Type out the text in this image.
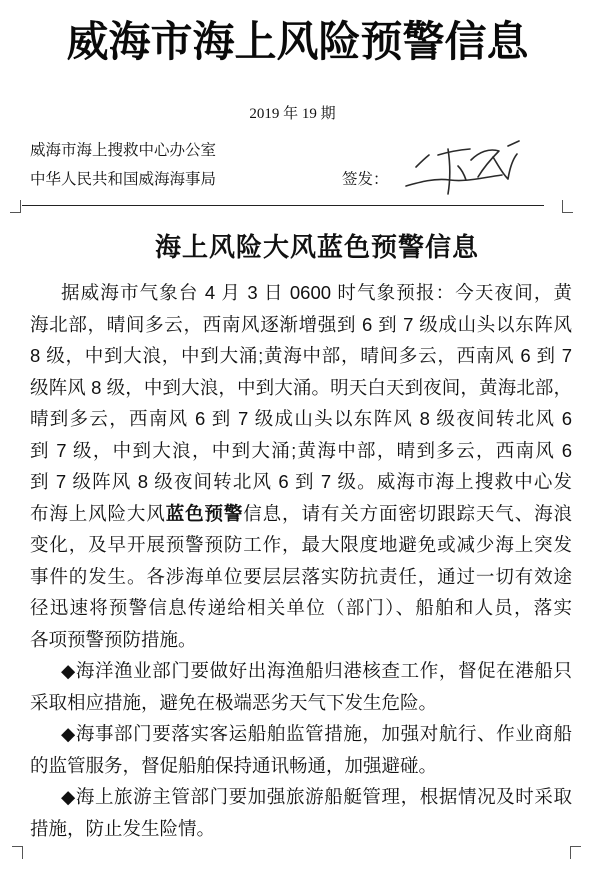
威海市海上风险预警信息
2019 年 19 期
威海市海上搜救中心办公室
中华人民共和国威海海事局	签发：
海上风险大风蓝色预警信息
据威海市气象台 4 月 3 日 0600 时气象预报：今天夜间，黄
海北部，晴间多云，西南风逐渐增强到 6 到 7 级成山头以东阵风
8 级，中到大浪，中到大涌;黄海中部，晴间多云，西南风 6 到 7
级阵风 8 级，中到大浪，中到大涌。明天白天到夜间，黄海北部，
晴到多云，西南风 6 到 7 级成山头以东阵风 8 级夜间转北风 6
到 7 级，中到大浪，中到大涌;黄海中部，晴到多云，西南风 6
到 7 级阵风 8 级夜间转北风 6 到 7 级。威海市海上搜救中心发
布海上风险大风蓝色预警信息，请有关方面密切跟踪天气、海浪
变化，及早开展预警预防工作，最大限度地避免或减少海上突发
事件的发生。各涉海单位要层层落实防抗责任，通过一切有效途
径迅速将预警信息传递给相关单位（部门）、船舶和人员，落实
各项预警预防措施。
◆海洋渔业部门要做好出海渔船归港核查工作，督促在港船只
采取相应措施，避免在极端恶劣天气下发生危险。
◆海事部门要落实客运船舶监管措施，加强对航行、作业商船
的监管服务，督促船舶保持通讯畅通，加强避碰。
◆海上旅游主管部门要加强旅游船艇管理，根据情况及时采取
措施，防止发生险情。
